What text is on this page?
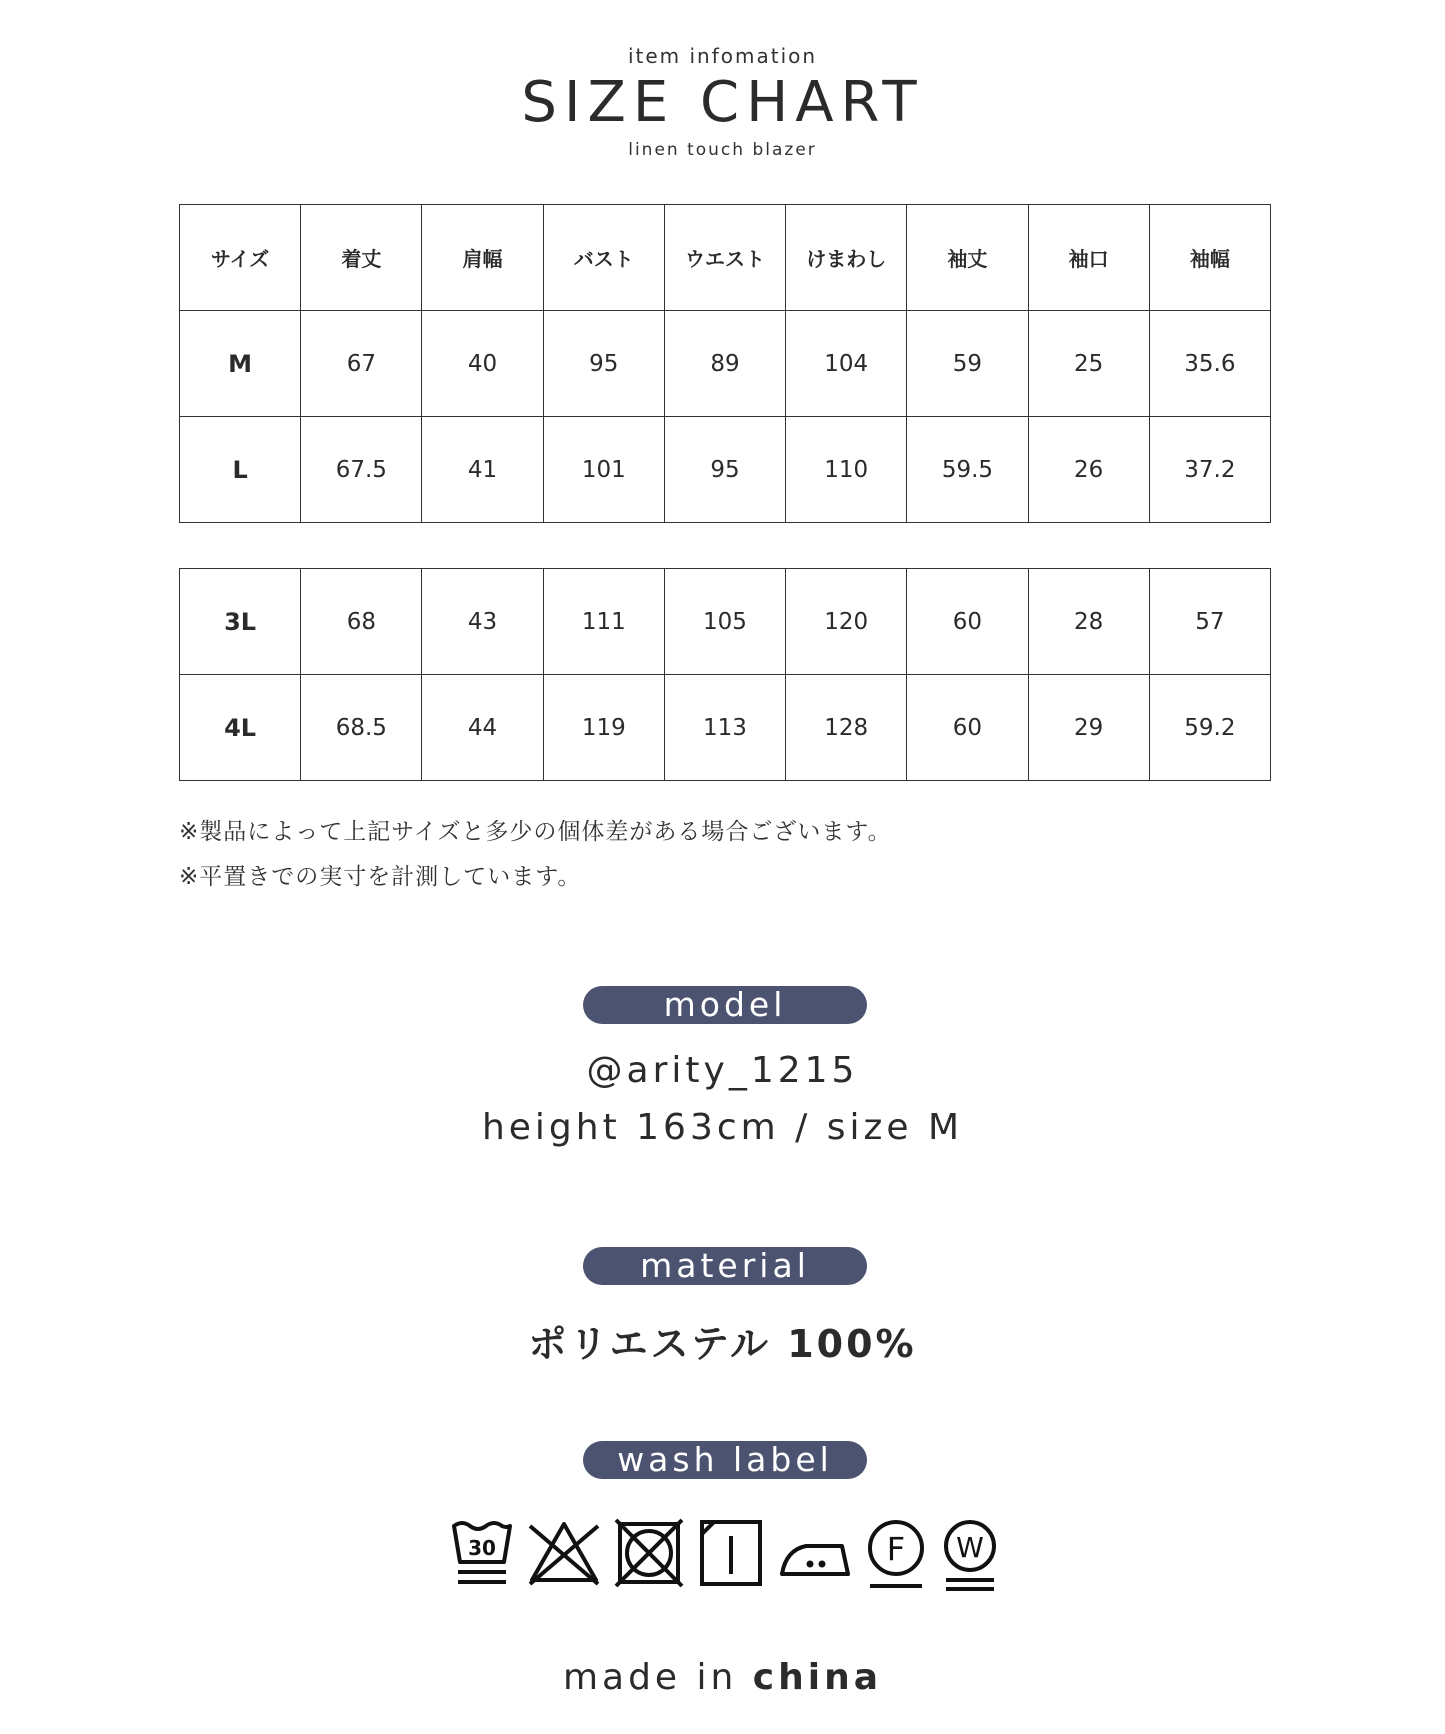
item infomation
SIZE CHART
linen touch blazer
サイズ	着丈	肩幅	バスト	ウエスト	けまわし	袖丈	袖口	袖幅
M	67	40	95	89	104	59	25	35.6
L	67.5	41	101	95	110	59.5	26	37.2
3L	68	43	111	105	120	60	28	57
4L	68.5	44	119	113	128	60	29	59.2
※製品によって上記サイズと多少の個体差がある場合ございます。
※平置きでの実寸を計測しています。
model
@arity_1215
height 163cm / size M
material
ポリエステル 100%
wash label
30	F W
made in china
